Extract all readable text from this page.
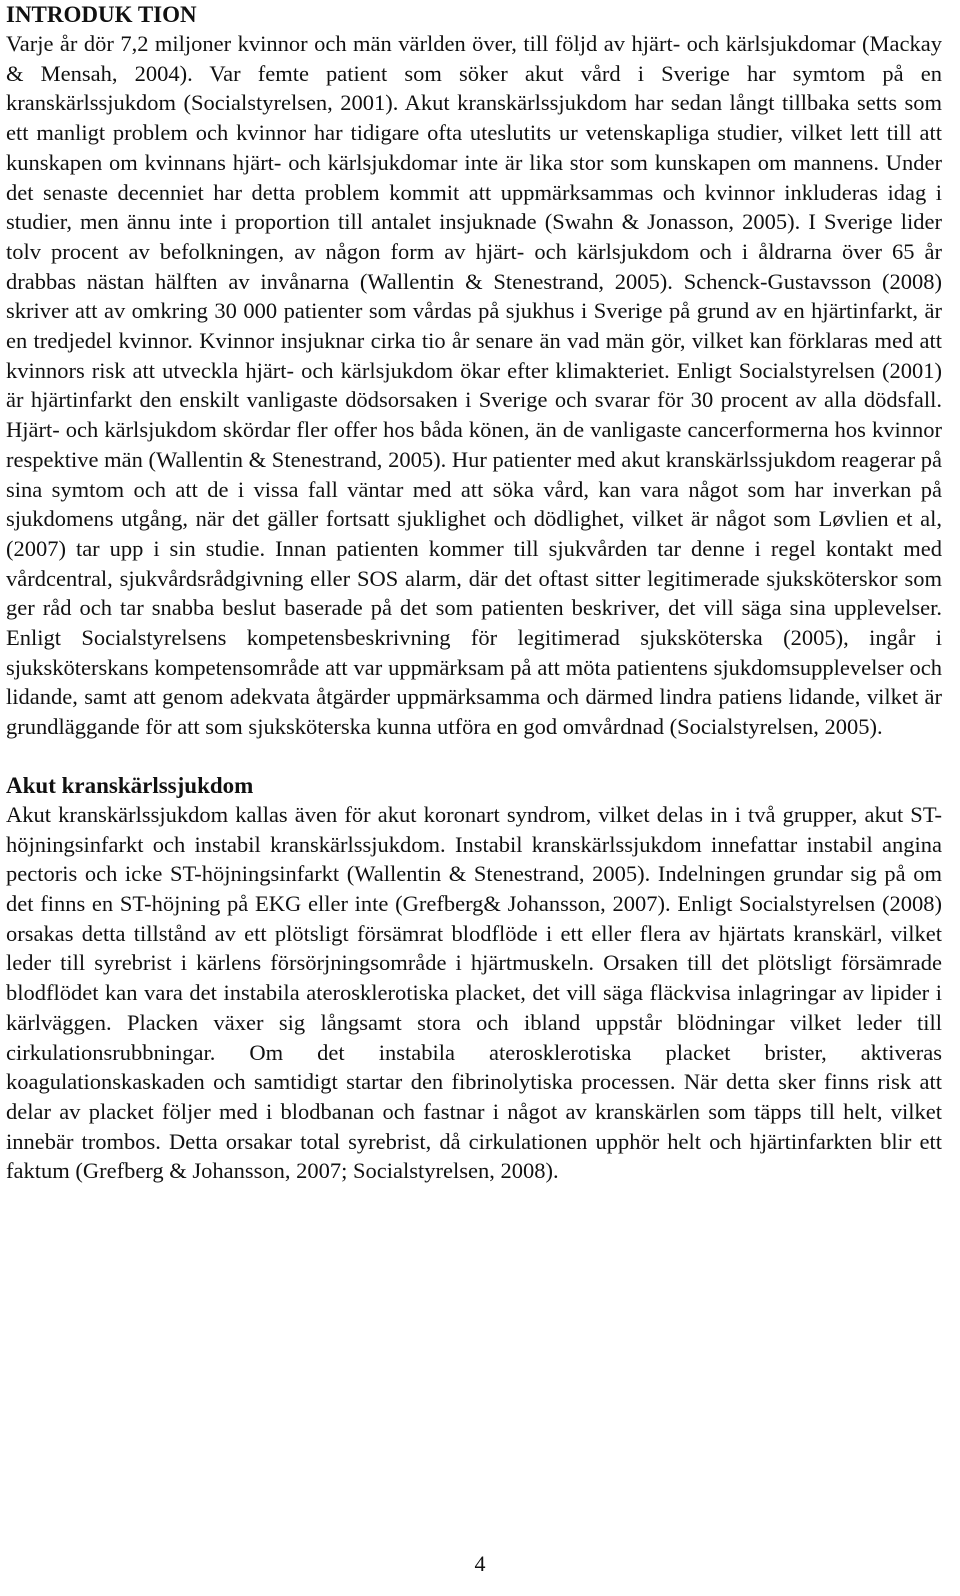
INTRODUK TION

Varje år dör 7,2 miljoner kvinnor och män världen över, till följd av hjärt- och kärlsjukdomar (Mackay & Mensah, 2004). Var femte patient som söker akut vård i Sverige har symtom på en kranskärlssjukdom (Socialstyrelsen, 2001). Akut kranskärlssjukdom har sedan långt tillbaka setts som ett manligt problem och kvinnor har tidigare ofta uteslutits ur vetenskapliga studier, vilket lett till att kunskapen om kvinnans hjärt- och kärlsjukdomar inte är lika stor som kunskapen om mannens. Under det senaste decenniet har detta problem kommit att uppmärksammas och kvinnor inkluderas idag i studier, men ännu inte i proportion till antalet insjuknade (Swahn & Jonasson, 2005). I Sverige lider tolv procent av befolkningen, av någon form av hjärt- och kärlsjukdom och i åldrarna över 65 år drabbas nästan hälften av invånarna (Wallentin & Stenestrand, 2005). Schenck-Gustavsson (2008) skriver att av omkring 30 000 patienter som vårdas på sjukhus i Sverige på grund av en hjärtinfarkt, är en tredjedel kvinnor. Kvinnor insjuknar cirka tio år senare än vad män gör, vilket kan förklaras med att kvinnors risk att utveckla hjärt- och kärlsjukdom ökar efter klimakteriet. Enligt Socialstyrelsen (2001) är hjärtinfarkt den enskilt vanligaste dödsorsaken i Sverige och svarar för 30 procent av alla dödsfall. Hjärt- och kärlsjukdom skördar fler offer hos båda könen, än de vanligaste cancerformerna hos kvinnor respektive män (Wallentin & Stenestrand, 2005). Hur patienter med akut kranskärlssjukdom reagerar på sina symtom och att de i vissa fall väntar med att söka vård, kan vara något som har inverkan på sjukdomens utgång, när det gäller fortsatt sjuklighet och dödlighet, vilket är något som Løvlien et al, (2007) tar upp i sin studie. Innan patienten kommer till sjukvården tar denne i regel kontakt med vårdcentral, sjukvårdsrådgivning eller SOS alarm, där det oftast sitter legitimerade sjuksköterskor som ger råd och tar snabba beslut baserade på det som patienten beskriver, det vill säga sina upplevelser. Enligt Socialstyrelsens kompetensbeskrivning för legitimerad sjuksköterska (2005), ingår i sjuksköterskans kompetensområde att var uppmärksam på att möta patientens sjukdomsupplevelser och lidande, samt att genom adekvata åtgärder uppmärksamma och därmed lindra patiens lidande, vilket är grundläggande för att som sjuksköterska kunna utföra en god omvårdnad (Socialstyrelsen, 2005).

Akut kranskärlssjukdom

Akut kranskärlssjukdom kallas även för akut koronart syndrom, vilket delas in i två grupper, akut ST-höjningsinfarkt och instabil kranskärlssjukdom. Instabil kranskärlssjukdom innefattar instabil angina pectoris och icke ST-höjningsinfarkt (Wallentin & Stenestrand, 2005). Indelningen grundar sig på om det finns en ST-höjning på EKG eller inte (Grefberg& Johansson, 2007). Enligt Socialstyrelsen (2008) orsakas detta tillstånd av ett plötsligt försämrat blodflöde i ett eller flera av hjärtats kranskärl, vilket leder till syrebrist i kärlens försörjningsområde i hjärtmuskeln. Orsaken till det plötsligt försämrade blodflödet kan vara det instabila aterosklerotiska placket, det vill säga fläckvisa inlagringar av lipider i kärlväggen. Placken växer sig långsamt stora och ibland uppstår blödningar vilket leder till cirkulationsrubbningar. Om det instabila aterosklerotiska placket brister, aktiveras koagulationskaskaden och samtidigt startar den fibrinolytiska processen. När detta sker finns risk att delar av placket följer med i blodbanan och fastnar i något av kranskärlen som täpps till helt, vilket innebär trombos. Detta orsakar total syrebrist, då cirkulationen upphör helt och hjärtinfarkten blir ett faktum (Grefberg & Johansson, 2007; Socialstyrelsen, 2008).

4
